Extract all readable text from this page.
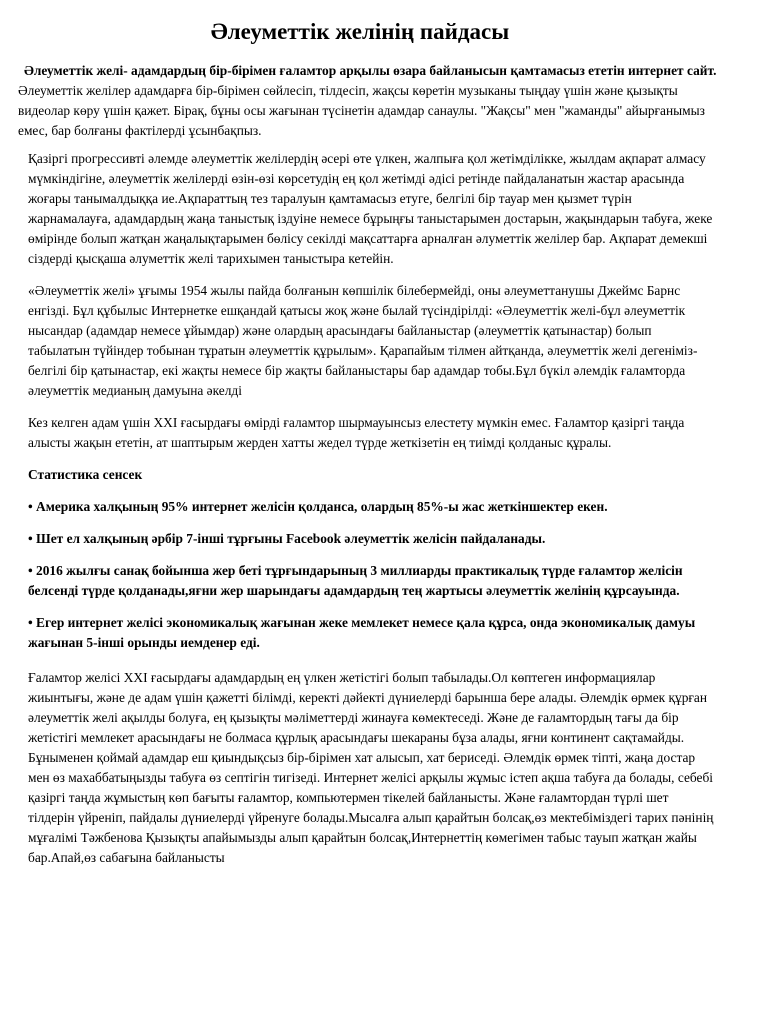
Әлеуметтік желінің пайдасы

Әлеуметтік желі- адамдардың бір-бірімен ғаламтор арқылы өзара байланысын қамтамасыз ететін интернет сайт. Әлеуметтік желілер адамдарға бір-бірімен сөйлесіп, тілдесіп, жақсы көретін музыканы тыңдау үшін және қызықты видеолар көру үшін қажет. Бірақ, бұны осы жағынан түсінетін адамдар санаулы. "Жақсы" мен "жаманды" айырғанымыз емес, бар болғаны фактілерді ұсынбақпыз.

Қазіргі прогрессивті әлемде әлеуметтік желілердің әсері өте үлкен, жалпыға қол жетімділікке, жылдам ақпарат алмасу мүмкіндігіне, әлеуметтік желілерді өзін-өзі көрсетудің ең қол жетімді әдісі ретінде пайдаланатын жастар арасында жоғары танымалдыққа ие.Ақпараттың тез таралуын қамтамасыз етуге, белгілі бір тауар мен қызмет түрін жарнамалауға, адамдардың жаңа таныстық іздуіне немесе бұрыңғы таныстарымен достарын, жақындарын табуға, жеке өмірінде болып жатқан жаңалықтарымен бөлісу секілді мақсаттарға арналған әлуметтік желілер бар. Ақпарат демекші сіздерді қысқаша әлуметтік желі тарихымен таныстыра кетейін.

«Әлеуметтік желі» ұғымы 1954 жылы пайда болғанын көпшілік білебермейді, оны әлеуметтанушы Джеймс Барнс енгізді. Бұл құбылыс Интернетке ешқандай қатысы жоқ және былай түсіндірілді: «Әлеуметтік желі-бұл әлеуметтік нысандар (адамдар немесе ұйымдар) және олардың арасындағы байланыстар (әлеуметтік қатынастар) болып табылатын түйіндер тобынан тұратын әлеуметтік құрылым». Қарапайым тілмен айтқанда, әлеуметтік желі дегеніміз-белгілі бір қатынастар, екі жақты немесе бір жақты байланыстары бар адамдар тобы.Бұл бүкіл әлемдік ғаламторда әлеуметтік медианың дамуына әкелді

Кез келген адам үшін XXI ғасырдағы өмірді ғаламтор шырмауынсыз елестету мүмкін емес. Ғаламтор қазіргі таңда алысты жақын ететін, ат шаптырым жерден хатты жедел түрде жеткізетін ең тиімді қолданыс құралы.

Статистика сенсек

• Америка халқының 95% интернет желісін қолданса, олардың 85%-ы жас жеткіншектер екен.

• Шет ел халқының әрбір 7-інші тұрғыны Facebook әлеуметтік желісін пайдаланады.

• 2016 жылғы санақ бойынша жер беті тұрғындарының 3 миллиарды практикалық түрде ғаламтор желісін белсенді түрде қолданады,яғни жер шарындағы адамдардың тең жартысы әлеуметтік желінің құрсауында.

• Егер интернет желісі экономикалық жағынан жеке мемлекет немесе қала құрса, онда экономикалық дамуы жағынан 5-інші орынды иемденер еді.

Ғаламтор желісі XXI ғасырдағы адамдардың ең үлкен жетістігі болып табылады.Ол көптеген информациялар жиынтығы, және де адам үшін қажетті білімді, керекті дәйекті дүниелерді барынша бере алады. Әлемдік өрмек құрған әлеуметтік желі ақылды болуға, ең қызықты мәліметтерді жинауға көмектеседі. Және де ғаламтордың тағы да бір жетістігі мемлекет арасындағы не болмаса құрлық арасындағы шекараны бұза алады, яғни континент сақтамайды. Бұныменен қоймай адамдар еш қиындықсыз бір-бірімен хат алысып, хат бериседі. Әлемдік өрмек тіпті, жаңа достар мен өз махаббатыңызды табуға өз септігін тигізеді. Интернет желісі арқылы жұмыс істеп ақша табуға да болады, себебі қазіргі таңда жұмыстың көп бағыты ғаламтор, компьютермен тікелей байланысты. Және ғаламтордан түрлі шет тілдерін үйреніп, пайдалы дүниелерді үйренуге болады.Мысалға алып қарайтын болсақ,өз мектебіміздегі тарих пәнінің мұғалімі Тәжбенова Қызықты апайымызды алып қарайтын болсақ,Интернеттің көмегімен табыс тауып жатқан жайы бар.Апай,өз сабағына байланысты
